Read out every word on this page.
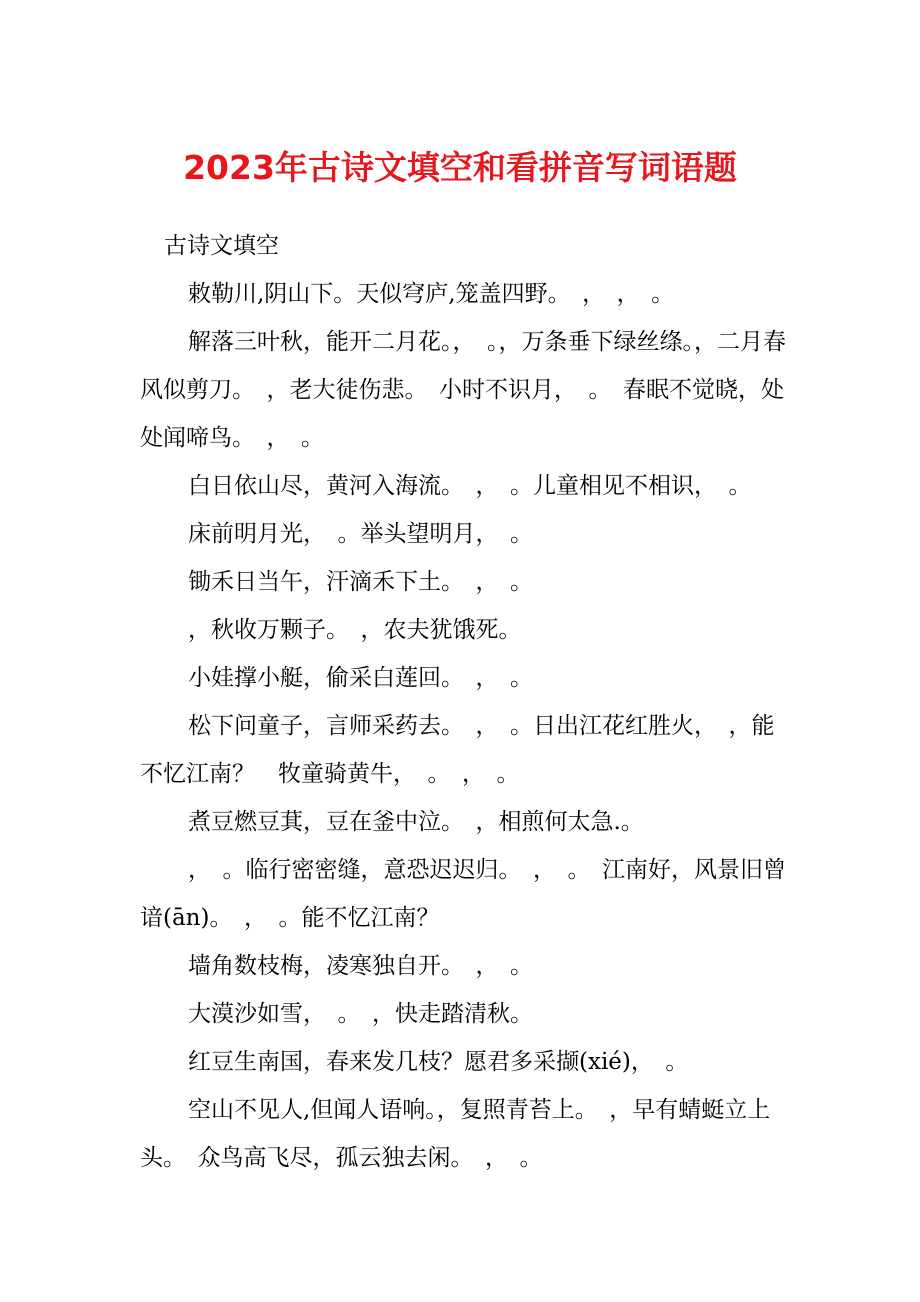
2023年古诗文填空和看拼音写词语题

古诗文填空

敕勒川,阴山下。天似穹庐,笼盖四野。　，　，　。

解落三叶秋，能开二月花。，　。，万条垂下绿丝绦。，二月春风似剪刀。　，老大徒伤悲。　小时不识月，　。　春眠不觉晓，处处闻啼鸟。　，　。

白日依山尽，黄河入海流。　，　。儿童相见不相识，　。

床前明月光，　。举头望明月，　。

锄禾日当午，汗滴禾下土。　，　。

，秋收万颗子。　，农夫犹饿死。

小娃撑小艇，偷采白莲回。　，　。

松下问童子，言师采药去。　，　。日出江花红胜火，　，能不忆江南？　牧童骑黄牛，　。　，　。

煮豆燃豆萁，豆在釜中泣。　，相煎何太急.。

，　。临行密密缝，意恐迟迟归。　，　。　江南好，风景旧曾谙(ān)。　，　。能不忆江南？

墙角数枝梅，凌寒独自开。　，　。

大漠沙如雪，　。　，快走踏清秋。

红豆生南国，春来发几枝？愿君多采撷(xié)，　。

空山不见人,但闻人语响。，复照青苔上。　，早有蜻蜓立上头。　众鸟高飞尽，孤云独去闲。　，　。
